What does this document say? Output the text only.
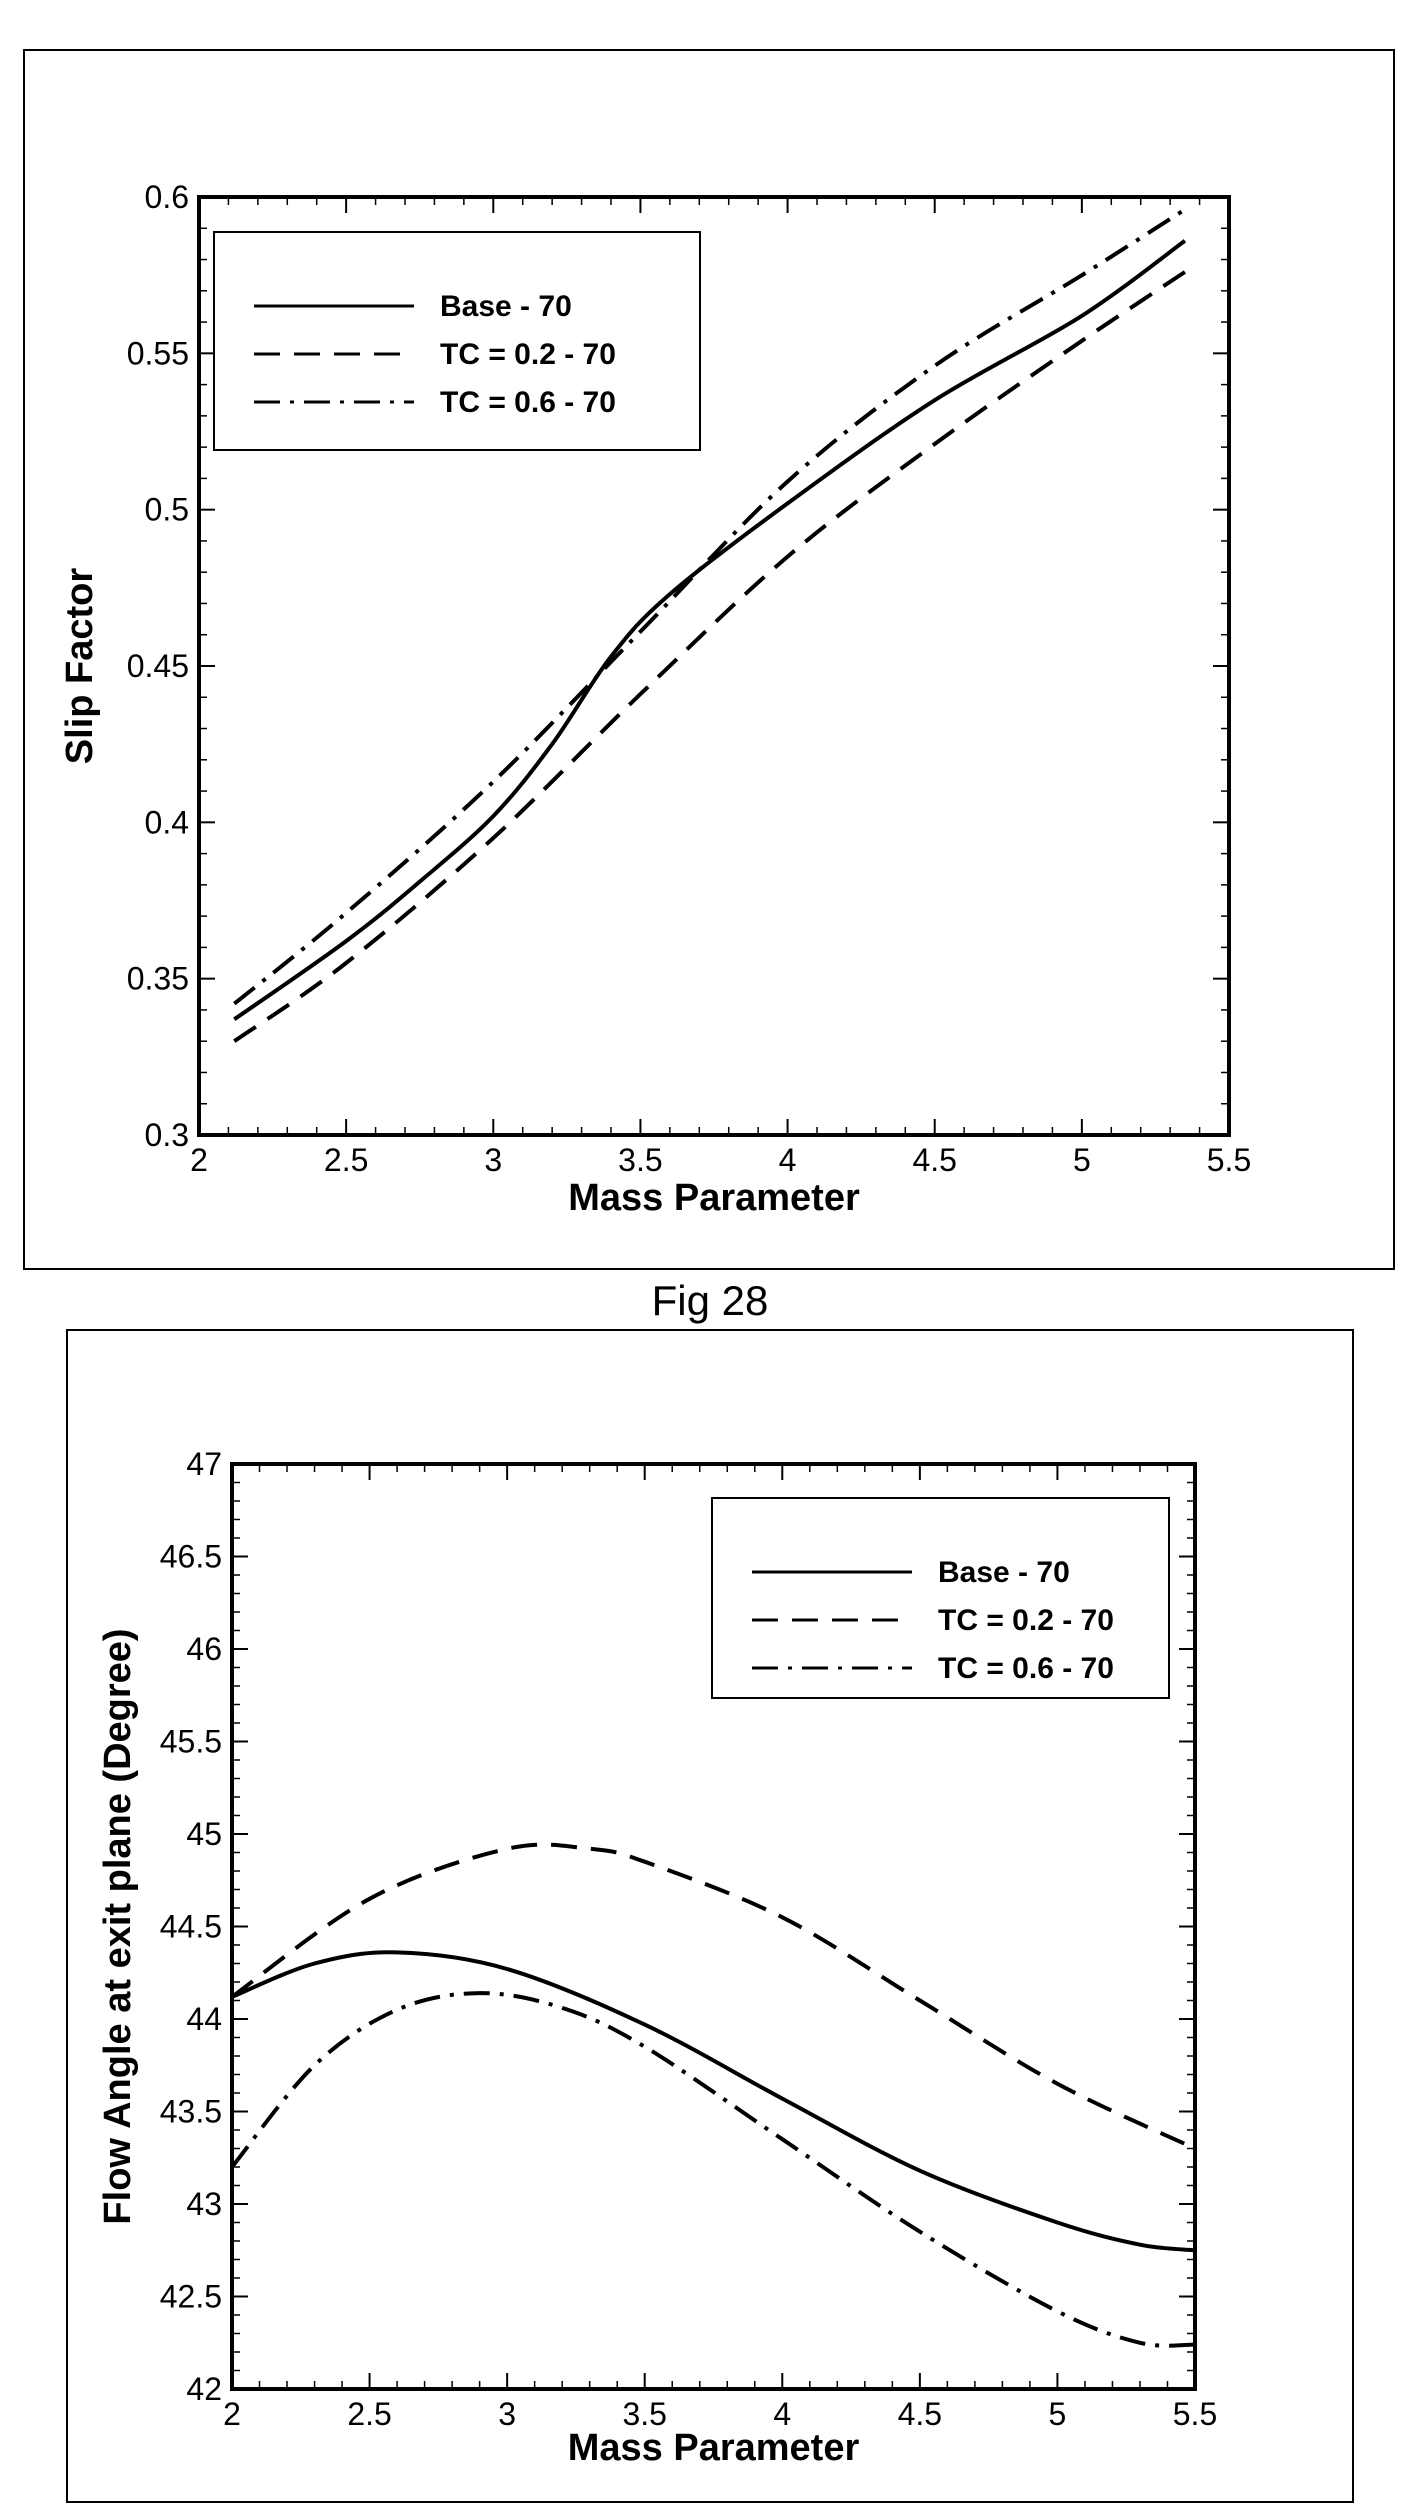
2	2.5	3	3.5	4	4.5	5	5.5
0.3
0.35
0.4
0.45
0.5
0.55
0.6
Mass Parameter
Slip Factor
Base - 70
TC = 0.2 - 70
TC = 0.6 - 70
Fig 28
2	2.5	3	3.5	4	4.5	5	5.5
42
42.5
43
43.5
44
44.5
45
45.5
46
46.5
47
Mass Parameter
Flow Angle at exit plane (Degree)
Base - 70
TC = 0.2 - 70
TC = 0.6 - 70
